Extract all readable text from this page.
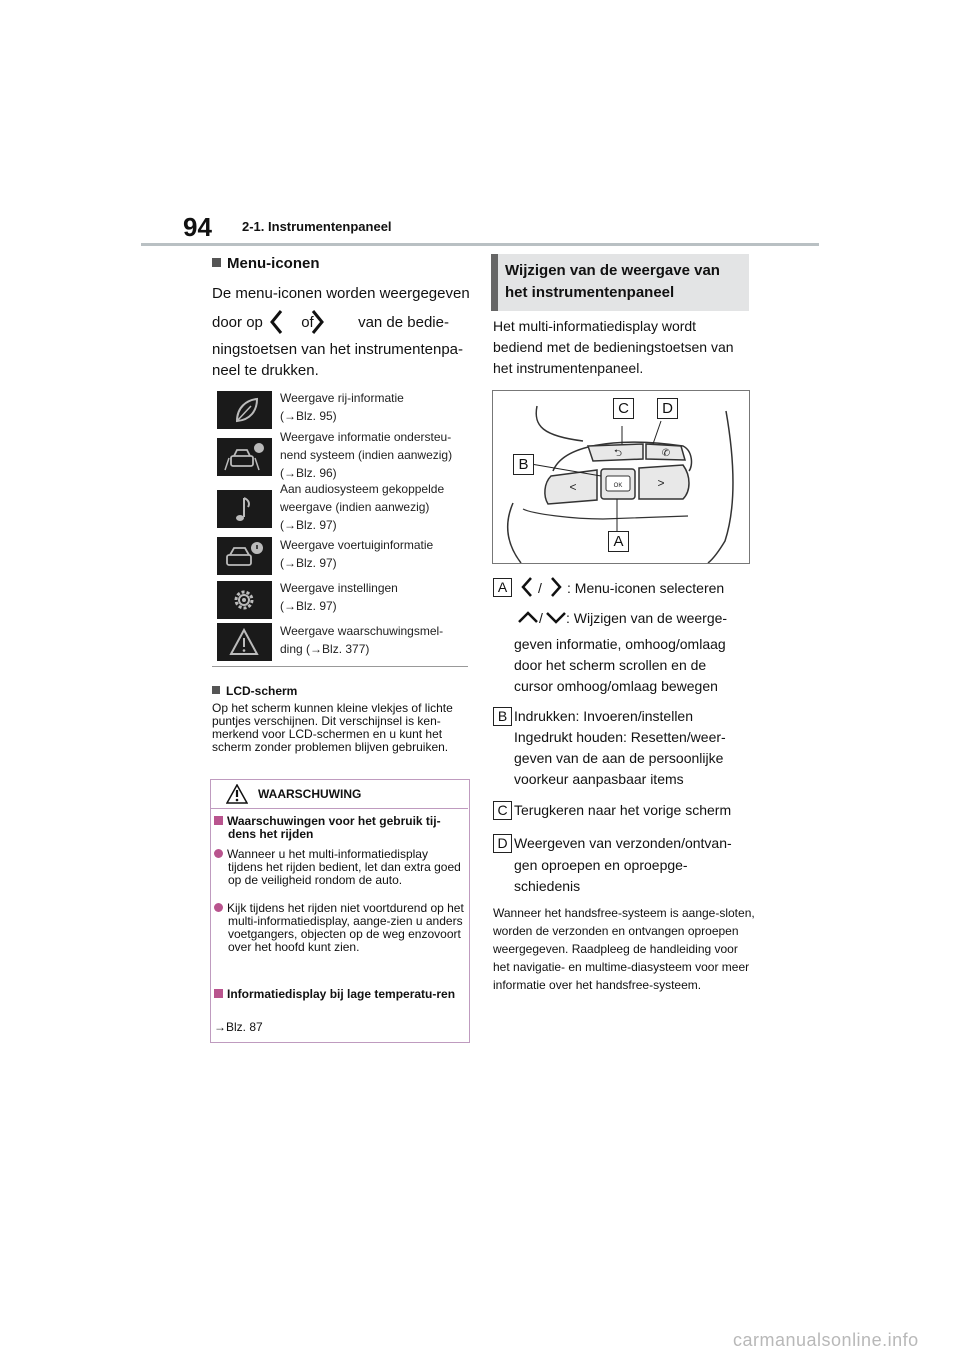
94 2-1. Instrumentenpaneel
Menu-iconen
De menu-iconen worden weergegeven
door op	of	van de bedie-
ningstoetsen van het instrumentenpa-
neel te drukken.
Weergave rij-informatie
(→Blz. 95)
Weergave informatie ondersteu-
nend systeem (indien aanwezig)
(→Blz. 96)
Aan audiosysteem gekoppelde
weergave (indien aanwezig)
(→Blz. 97)
Weergave voertuiginformatie
(→Blz. 97)
Weergave instellingen
(→Blz. 97)
Weergave waarschuwingsmel-
ding (→Blz. 377)
LCD-scherm
Op het scherm kunnen kleine vlekjes of lichte puntjes verschijnen. Dit verschijnsel is ken-merkend voor LCD-schermen en u kunt het scherm zonder problemen blijven gebruiken.
WAARSCHUWING
Waarschuwingen voor het gebruik tij-dens het rijden
Wanneer u het multi-informatiedisplay tijdens het rijden bedient, let dan extra goed op de veiligheid rondom de auto.
Kijk tijdens het rijden niet voortdurend op het multi-informatiedisplay, aange-zien u anders voetgangers, objecten op de weg enzovoort over het hoofd kunt zien.
Informatiedisplay bij lage temperatu-ren
→Blz. 87
Wijzigen van de weergave van
het instrumentenpaneel
Het multi-informatiedisplay wordt
bediend met de bedieningstoetsen van
het instrumentenpaneel.
⮌	✆
<	OK	>
C	D
B
A
A	/ : Menu-iconen selecteren
/ : Wijzigen van de weerge-
geven informatie, omhoog/omlaag
door het scherm scrollen en de
cursor omhoog/omlaag bewegen
B Indrukken: Invoeren/instellen
Ingedrukt houden: Resetten/weer-
geven van de aan de persoonlijke
voorkeur aanpasbaar items
C Terugkeren naar het vorige scherm
D Weergeven van verzonden/ontvan-
gen oproepen en oproepge-
schiedenis
Wanneer het handsfree-systeem is aange-sloten, worden de verzonden en ontvangen oproepen weergegeven. Raadpleeg de handleiding voor het navigatie- en multime-diasysteem voor meer informatie over het handsfree-systeem.
carmanualsonline.info
